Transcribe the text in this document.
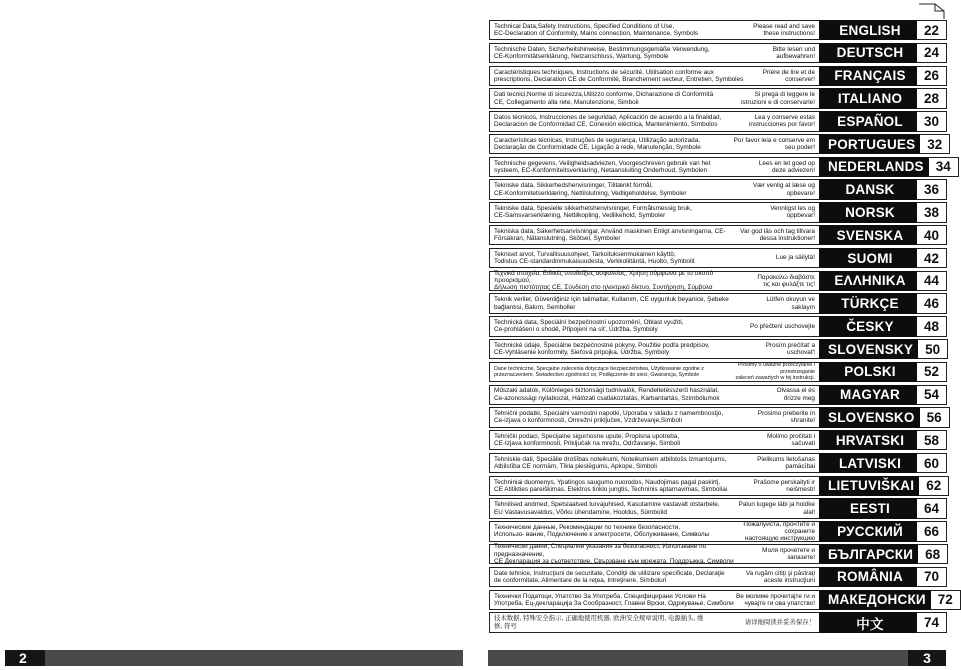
2
Technical Data,Safety Instructions, Specified Conditions of Use,
EC-Declaration of Conformity, Mains connection, Maintenance, Symbols
Please read and save
these instructions!	ENGLISH	22
Technische Daten, Sicherheitshinweise, Bestimmungsgemäße Verwendung,
CE-Konformitätserklärung, Netzanschluss, Wartung, Symbole
Bitte lesen und
aufbewahren!	DEUTSCH	24
Caractéristiques techniques, Instructions de sécurité, Utilisation conforme aux
prescriptions, Declaration CE de Conformité, Branchement secteur, Entretien, Symboles
Prière de lire et de
conserver!	FRANÇAIS	26
Dati tecnici,Norme di sicurezza,Utilizzo conforme, Dicharazione di Conformità
CE, Collegamento alla rete, Manutenzione, Simboli
Si prega di leggere le
istruzioni e di conservarle!	ITALIANO	28
Datos técnicos, Instrucciones de seguridad, Aplicación de acuerdo a la finalidad,
Declaracion de Conformidad CE, Conexión eléctrica, Mantenimiento, Símbolos
Lea y conserve estas
instrucciones por favor!	ESPAÑOL	30
Características técnicas, Instruções de segurança, Utilização autorizada,
Declaração de Conformidade CE, Ligação à rede, Manutenção, Symbole
Por favor leia e conserve em
seu poder! PORTUGUES 32
Technische gegevens, Veiligheidsadviezen, Voorgeschreven gebruik van het
systeem, EC-Konformiteitsverklaring, Netaansluiting Onderhoud, Symbolen
Lees en let goed op
deze adviezen! NEDERLANDS 34
Tekniske data, Sikkerhedshenvisninger, Tilitænkt formål,
CE-Konformitetserklæring, Nettilslutning, Vedligeholdelse, Symboler
Vær venlig at læse og
opbevare!	DANSK	36
Tekniske data, Spesielle sikkerhetshenvisninger, Formålsmessig bruk,
CE-Samsvarserklæring, Nettilkopling, Vedlikehold, Symboler
Vennligst les og
oppbevar!	NORSK	38
Tekniska data, Säkerhetsanvisningar, Använd maskinen Enligt anvisningarna, CE-
Försäkran, Nätanslutning, Skötsel, Symboler
Var god läs och tag tillvara
dessa instruktioner!	SVENSKA	40
Tekniset arvot, Turvallisuusohjeet, Tarkoituksenmukainen käyttö,
Todistus CE-standardinmukaisuudesta, Verkkoliitäntä, Huolto, Symbolit
Lue ja säilytä!	SUOMI	42
Τεχνικά στοιχεία, Ειδικές υποδείξεις ασφαλείας, Χρήση σύμφωνα με το σκοπό προορισμού,
Δήλωση πιστότητας CE, Σύνδεση στο ηλεκτρικό δίκτυο, Συντήρηση, Σύμβολα
Παρακαλώ διαβάστε
τις και φυλάξτε τις!	ΕΛΛΗΝΙΚΑ	44
Teknik veriler, Güvenliğiniz için talimatlar, Kullanım, CE uygunluk beyanice, Şebeke
bağlantısi, Bakım, Semboller
Lütfen okuyun ve
saklayın	TÜRKÇE	46
Technická data, Speciální bezpečnostní upozornění, Oblast využití,
Ce-prohlášení o shodě, Připojení na síť, Údržba, Symboly
Po přečtení uschovejte	ČESKY	48
Technické údaje, Špeciálne bezpečnostné pokyny, Použitie podľa predpisov,
CE-Vyhlásenie konformity, Sieťová prípojka, Údržba, Symboly
Prosím prečítať a
uschovať! SLOVENSKY 50
Dane techniczne, Specjalne zalecenia dotyczące bezpieczeństwa, Użytkowanie zgodne z
przeznaczeniem, Świadectwo zgodności ce, Podłączenie do sieci, Gwarancja, Symbole
Prosimy o uważne przeczytanie i przestrzeganie
zaleceń zawartych w tej instrukcji.	POLSKI	52
Műszaki adatok, Különleges biztonsági tudnivalók, Rendeltetésszerű használat,
Ce-azonossági nyilatkozat, Hálózati csatlakoztatás, Karbantartás, Szimbólumok
Olvassa el és
őrizze meg	MAGYAR	54
Tehnični podatki, Specialni varnostni napotki, Uporaba v skladu z namembnostjo,
Ce-izjava o konformnosti, Omrežni priključek, Vzdrževanje,Simboli
Prosimo preberite in
shranite! SLOVENSKO 56
Tehnički podaci, Specijalne sigurnosne upute, Propisna upotreba,
CE-Izjava konformnosti, Priključak na mrežu, Održavanje, Simboli
Molimo pročitati i
sačuvati	HRVATSKI	58
Tehniskie dati, Speciālie drošības noteikumi, Noteikumiem atbilstošs izmantojums,
Atbilstība CE normām, Tīkla pieslēgums, Apkope, Simboli
Pielikums lietošanas
pamācībai	LATVISKI	60
Techniniai duomenys, Ypatingos saugumo nuorodos, Naudojimas pagal paskirtį,
CE Atitikties pareiškimas, Elektros tinklo jungtis, Techninis aptarnavimas, Simboliai
Prašome perskaityti ir
neišmesti! LIETUVIŠKAI 62
Tehnilised andmed, Spetsiaalsed turvajuhised, Kasutamine vastavalt otstarbele,
EU Vastavusavaldus, Võrku ühendamine, Hooldus, Sümbolid
Palun lugege läbi ja hoidke
alal!	EESTI	64
Технические данные, Рекомендации по технике безопасности,
Использо- вание, Подключение к электросети, Обслуживание, Символы
Пожалуйста, прочтите и сохраните
настоящую инструкцию	РУССКИЙ	66
Технически данни, Специални указания за безопасност, Използване по предназначение,
CE Декларация за съответствие, Свързване към мрежата, Поддръжка, Символи
Моля прочетете и
запазете! БЪЛГАРСКИ 68
Date tehnice, Instrucţiuni de securitate, Condiţii de utilizare specificate, Declaraţie
de conformitate, Alimentare de la reţea, Intreţinere, Simboluri
Va rugăm citiţi şi păstraţi
aceste instrucţiuni	ROMÂNIA	70
Технички Податоци, Упатство За Употреба, Специфицирани Услови На
Употреба, Ец-декларација За Сообразност, Главни Врски, Одржување, Симболи
Ве молиме прочитајте ги и
чувајте ги ова упатство! МАКЕДОНСКИ 72
技术数据, 特殊安全指示, 正确地使用机器, 欧洲安全规章说明, 电源插头, 维
修, 符号
请详细阅读并妥善保存！	中文	74
3
